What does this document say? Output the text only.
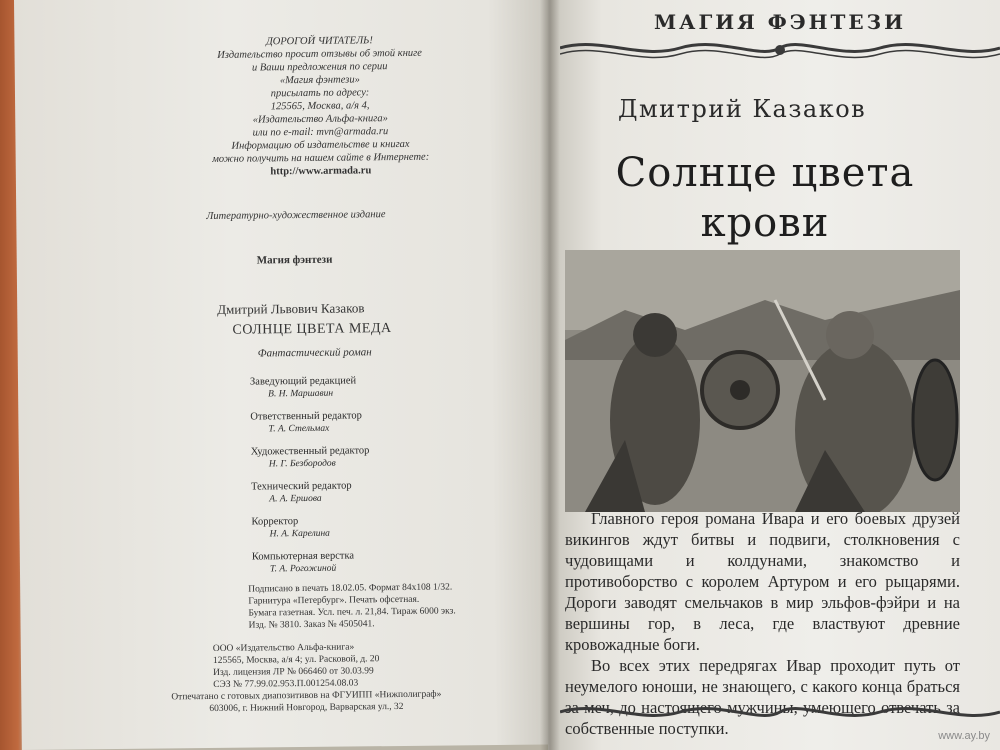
ДОРОГОЙ ЧИТАТЕЛЬ!
Издательство просит отзывы об этой книге
и Ваши предложения по серии
«Магия фэнтези»
присылать по адресу:
125565, Москва, а/я 4,
«Издательство Альфа-книга»
или по e-mail: mvn@armada.ru
Информацию об издательстве и книгах
можно получить на нашем сайте в Интернете:
http://www.armada.ru
Литературно-художественное издание
Магия фэнтези
Дмитрий Львович Казаков
СОЛНЦЕ ЦВЕТА МЕДА
Фантастический роман
Заведующий редакцией
В. Н. Маршавин
Ответственный редактор
Т. А. Стельмах
Художественный редактор
Н. Г. Безбородов
Технический редактор
А. А. Ершова
Корректор
Н. А. Карелина
Компьютерная верстка
Т. А. Рогожиной
Подписано в печать 18.02.05. Формат 84x108 1/32.
Гарнитура «Петербург». Печать офсетная.
Бумага газетная. Усл. печ. л. 21,84. Тираж 6000 экз.
Изд. № 3810. Заказ № 4505041.
ООО «Издательство Альфа-книга»
125565, Москва, а/я 4; ул. Расковой, д. 20
Изд. лицензия ЛР № 066460 от 30.03.99
СЭЗ № 77.99.02.953.П.001254.08.03
Отпечатано с готовых диапозитивов на ФГУИПП «Нижполиграф»
603006, г. Нижний Новгород, Варварская ул., 32
МАГИЯ ФЭНТЕЗИ
Дмитрий Казаков
Солнце цвета
крови

Главного героя романа Ивара и его боевых друзей викингов ждут битвы и подвиги, столкновения с чудовищами и колдунами, знакомство и противоборство с королем Артуром и его рыцарями. Дороги заводят смельчаков в мир эльфов-фэйри и на вершины гор, в леса, где властвуют древние кровожадные боги.

Во всех этих передрягах Ивар проходит путь от неумелого юноши, не знающего, с какого конца браться за меч, до настоящего мужчины, умеющего отвечать за собственные поступки.	www.ay.by
